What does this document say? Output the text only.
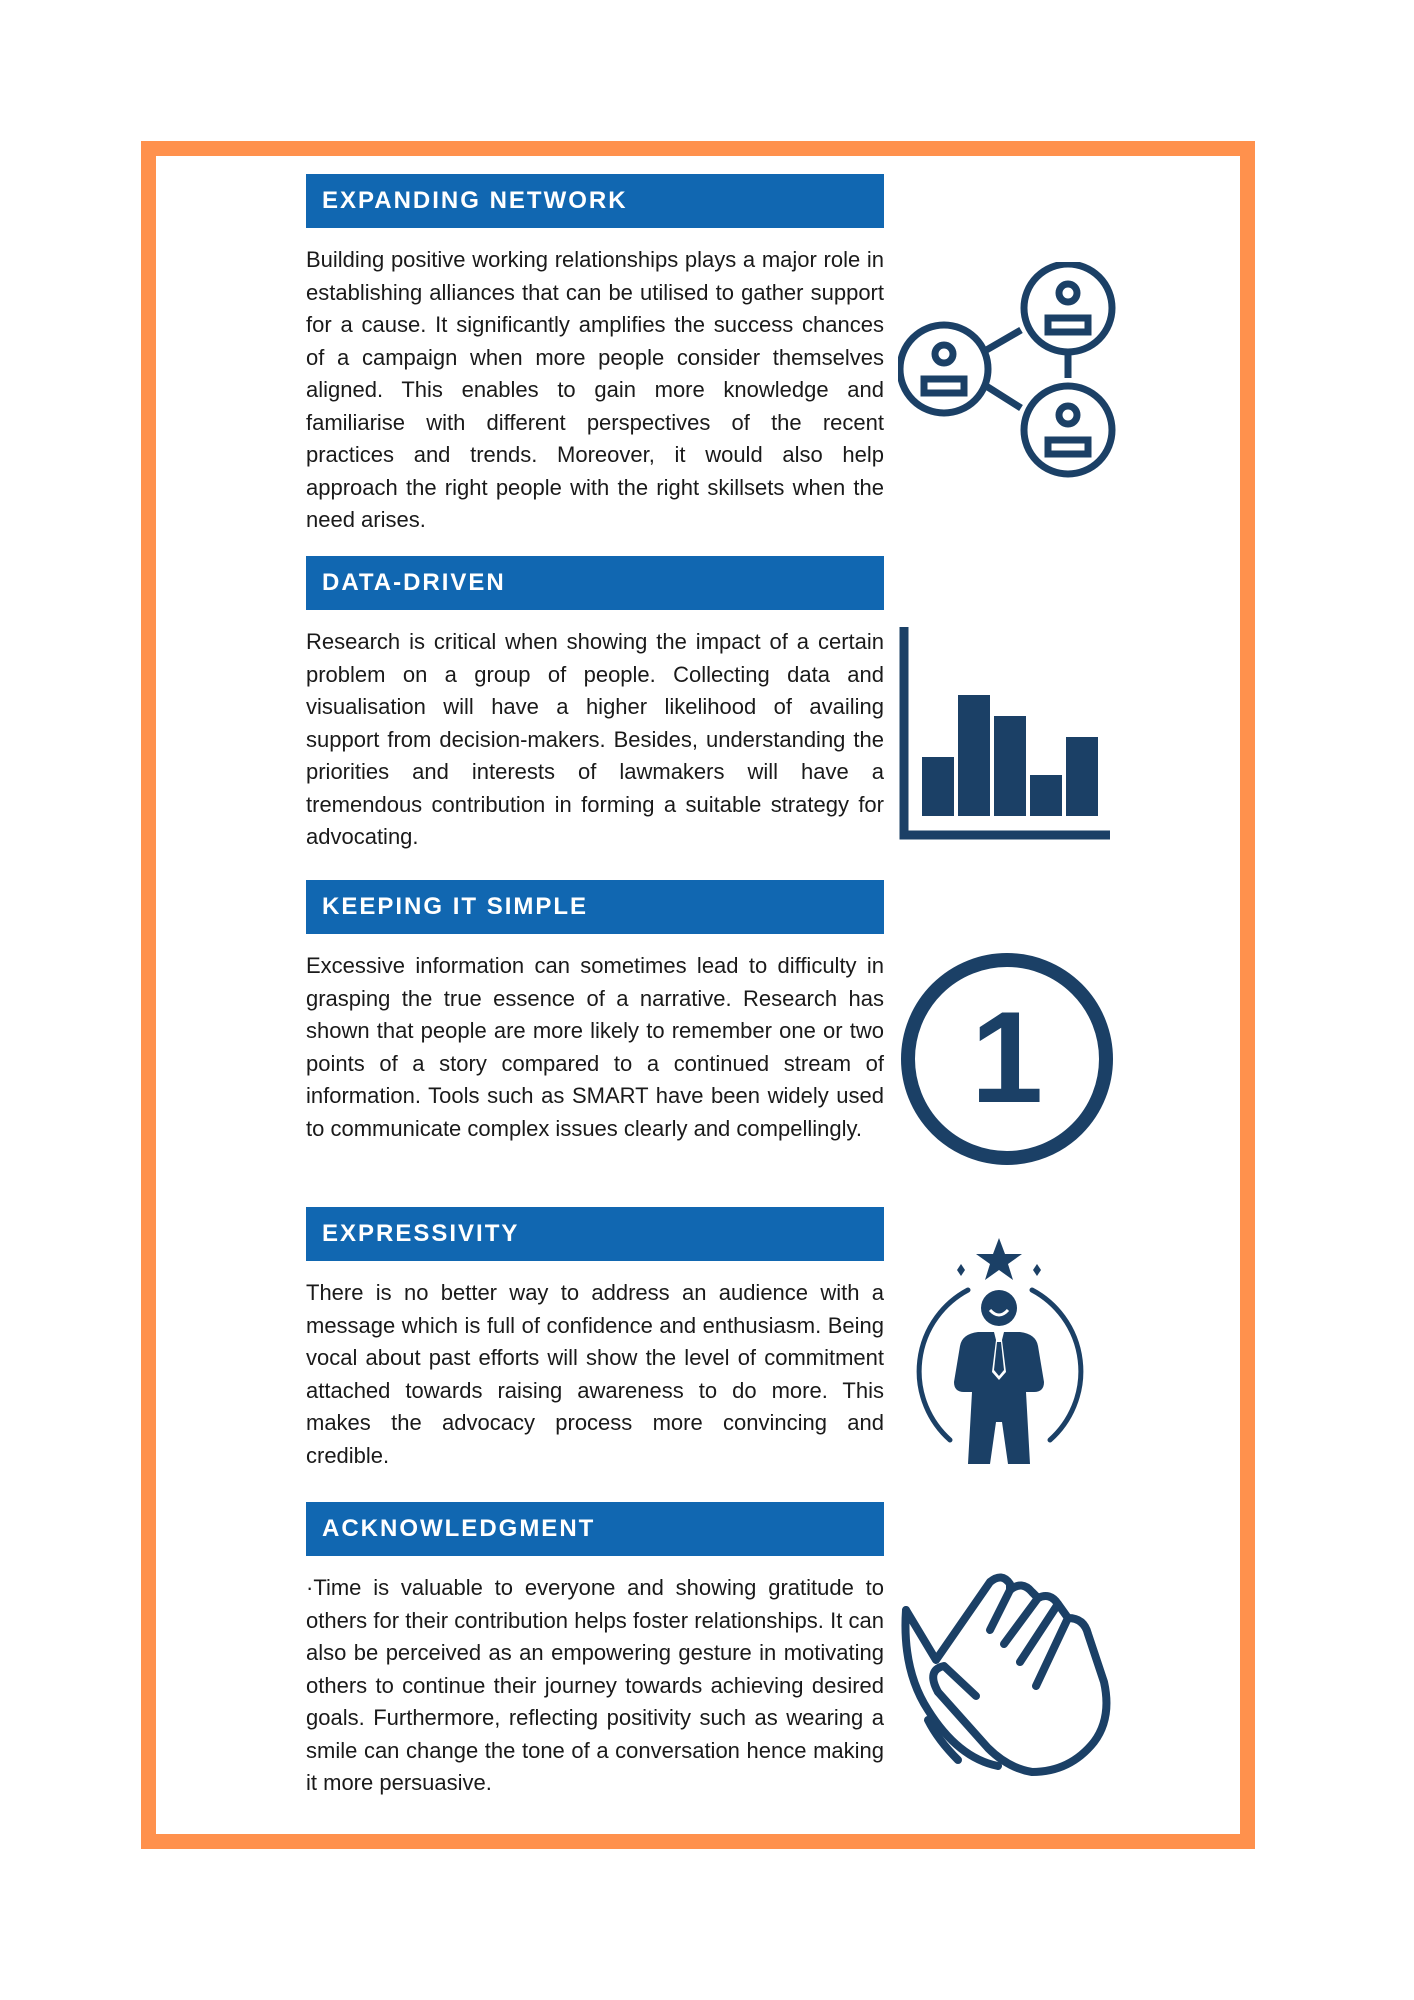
EXPANDING NETWORK
Building positive working relationships plays a major role in establishing alliances that can be utilised to gather support for a cause. It significantly amplifies the success chances of a campaign when more people consider themselves aligned. This enables to gain more knowledge and familiarise with different perspectives of the recent practices and trends. Moreover, it would also help approach the right people with the right skillsets when the need arises.
DATA-DRIVEN
Research is critical when showing the impact of a certain problem on a group of people. Collecting data and visualisation will have a higher likelihood of availing support from decision-makers. Besides, understanding the priorities and interests of lawmakers will have a tremendous contribution in forming a suitable strategy for advocating.
KEEPING IT SIMPLE
Excessive information can sometimes lead to difficulty in grasping the true essence of a narrative. Research has shown that people are more likely to remember one or two points of a story compared to a continued stream of information. Tools such as SMART have been widely used to communicate complex issues clearly and compellingly. 1
EXPRESSIVITY
There is no better way to address an audience with a message which is full of confidence and enthusiasm. Being vocal about past efforts will show the level of commitment attached towards raising awareness to do more. This makes the advocacy process more convincing and credible.
ACKNOWLEDGMENT
·Time is valuable to everyone and showing gratitude to others for their contribution helps foster relationships. It can also be perceived as an empowering gesture in motivating others to continue their journey towards achieving desired goals. Furthermore, reflecting positivity such as wearing a smile can change the tone of a conversation hence making it more persuasive.
